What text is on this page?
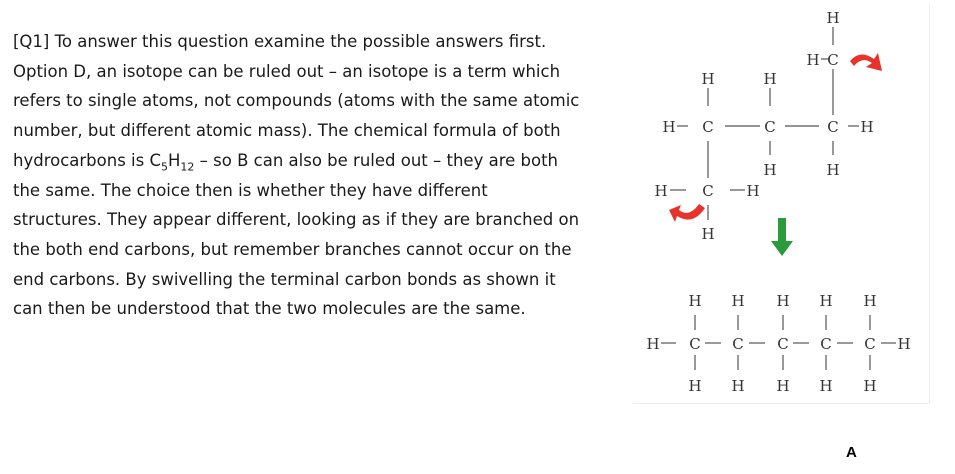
[Q1] To answer this question examine the possible answers first.
Option D, an isotope can be ruled out – an isotope is a term which
refers to single atoms, not compounds (atoms with the same atomic
number, but different atomic mass). The chemical formula of both
hydrocarbons is $C_5H_{12}$ – so B can also be ruled out – they are both
the same. The choice then is whether they have different
structures. They appear different, looking as if they are branched on
the both end carbons, but remember branches cannot occur on the
end carbons. By swivelling the terminal carbon bonds as shown it
can then be understood that the two molecules are the same.
H
H C
H	H
H C	C	C H
H	H
H C H
H
H H H H H
H C C C C C H
H H H H H
A
